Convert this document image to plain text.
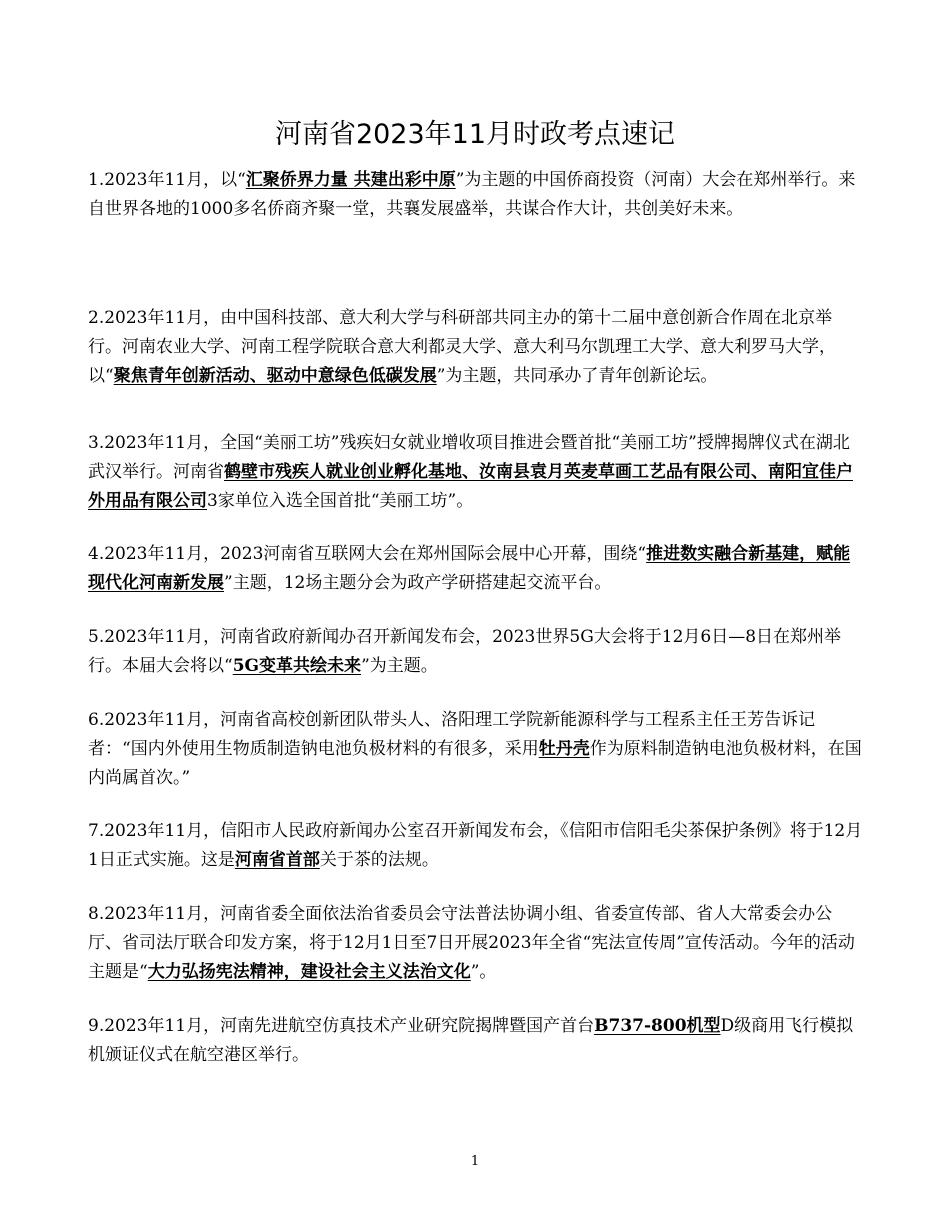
河南省2023年11月时政考点速记

1.2023年11月，以“汇聚侨界力量 共建出彩中原”为主题的中国侨商投资（河南）大会在郑州举行。来自世界各地的1000多名侨商齐聚一堂，共襄发展盛举，共谋合作大计，共创美好未来。

2.2023年11月，由中国科技部、意大利大学与科研部共同主办的第十二届中意创新合作周在北京举行。河南农业大学、河南工程学院联合意大利都灵大学、意大利马尔凯理工大学、意大利罗马大学，以“聚焦青年创新活动、驱动中意绿色低碳发展”为主题，共同承办了青年创新论坛。

3.2023年11月，全国“美丽工坊”残疾妇女就业增收项目推进会暨首批“美丽工坊”授牌揭牌仪式在湖北武汉举行。河南省鹤壁市残疾人就业创业孵化基地、汝南县袁月英麦草画工艺品有限公司、南阳宜佳户外用品有限公司3家单位入选全国首批“美丽工坊”。

4.2023年11月，2023河南省互联网大会在郑州国际会展中心开幕，围绕“推进数实融合新基建，赋能现代化河南新发展”主题，12场主题分会为政产学研搭建起交流平台。

5.2023年11月，河南省政府新闻办召开新闻发布会，2023世界5G大会将于12月6日—8日在郑州举行。本届大会将以“5G变革共绘未来”为主题。

6.2023年11月，河南省高校创新团队带头人、洛阳理工学院新能源科学与工程系主任王芳告诉记者：“国内外使用生物质制造钠电池负极材料的有很多，采用牡丹壳作为原料制造钠电池负极材料，在国内尚属首次。”

7.2023年11月，信阳市人民政府新闻办公室召开新闻发布会，《信阳市信阳毛尖茶保护条例》将于12月1日正式实施。这是河南省首部关于茶的法规。

8.2023年11月，河南省委全面依法治省委员会守法普法协调小组、省委宣传部、省人大常委会办公厅、省司法厅联合印发方案，将于12月1日至7日开展2023年全省“宪法宣传周”宣传活动。今年的活动主题是“大力弘扬宪法精神，建设社会主义法治文化”。

9.2023年11月，河南先进航空仿真技术产业研究院揭牌暨国产首台B737-800机型D级商用飞行模拟机颁证仪式在航空港区举行。

1
